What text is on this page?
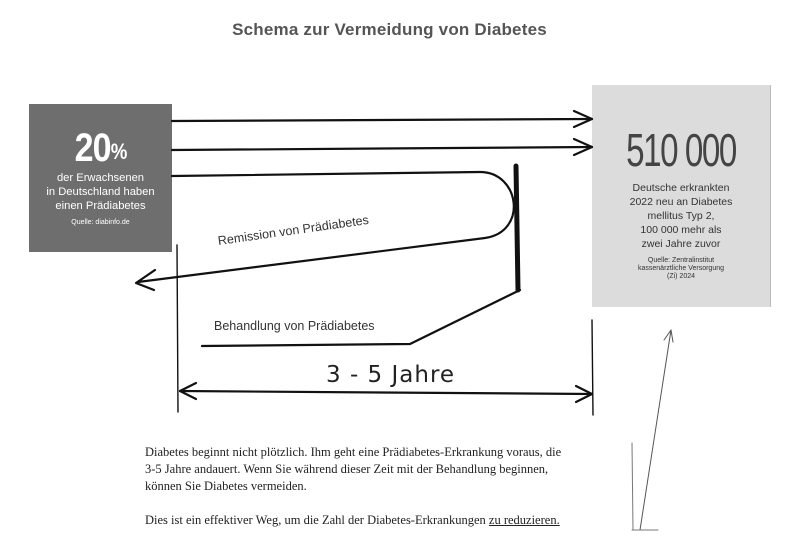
Schema zur Vermeidung von Diabetes
20%
der Erwachsenen
in Deutschland haben
einen Prädiabetes
Quelle: diabinfo.de
510 000
Deutsche erkrankten
2022 neu an Diabetes
mellitus Typ 2,
100 000 mehr als
zwei Jahre zuvor
Quelle: Zentralinstitut
kassenärztliche Versorgung
(Zi) 2024
Remission von Prädiabetes
Behandlung von Prädiabetes
3 - 5 Jahre

Diabetes beginnt nicht plötzlich. Ihm geht eine Prädiabetes-Erkrankung voraus, die
3-5 Jahre andauert. Wenn Sie während dieser Zeit mit der Behandlung beginnen,
können Sie Diabetes vermeiden.

Dies ist ein effektiver Weg, um die Zahl der Diabetes-Erkrankungen zu reduzieren.
